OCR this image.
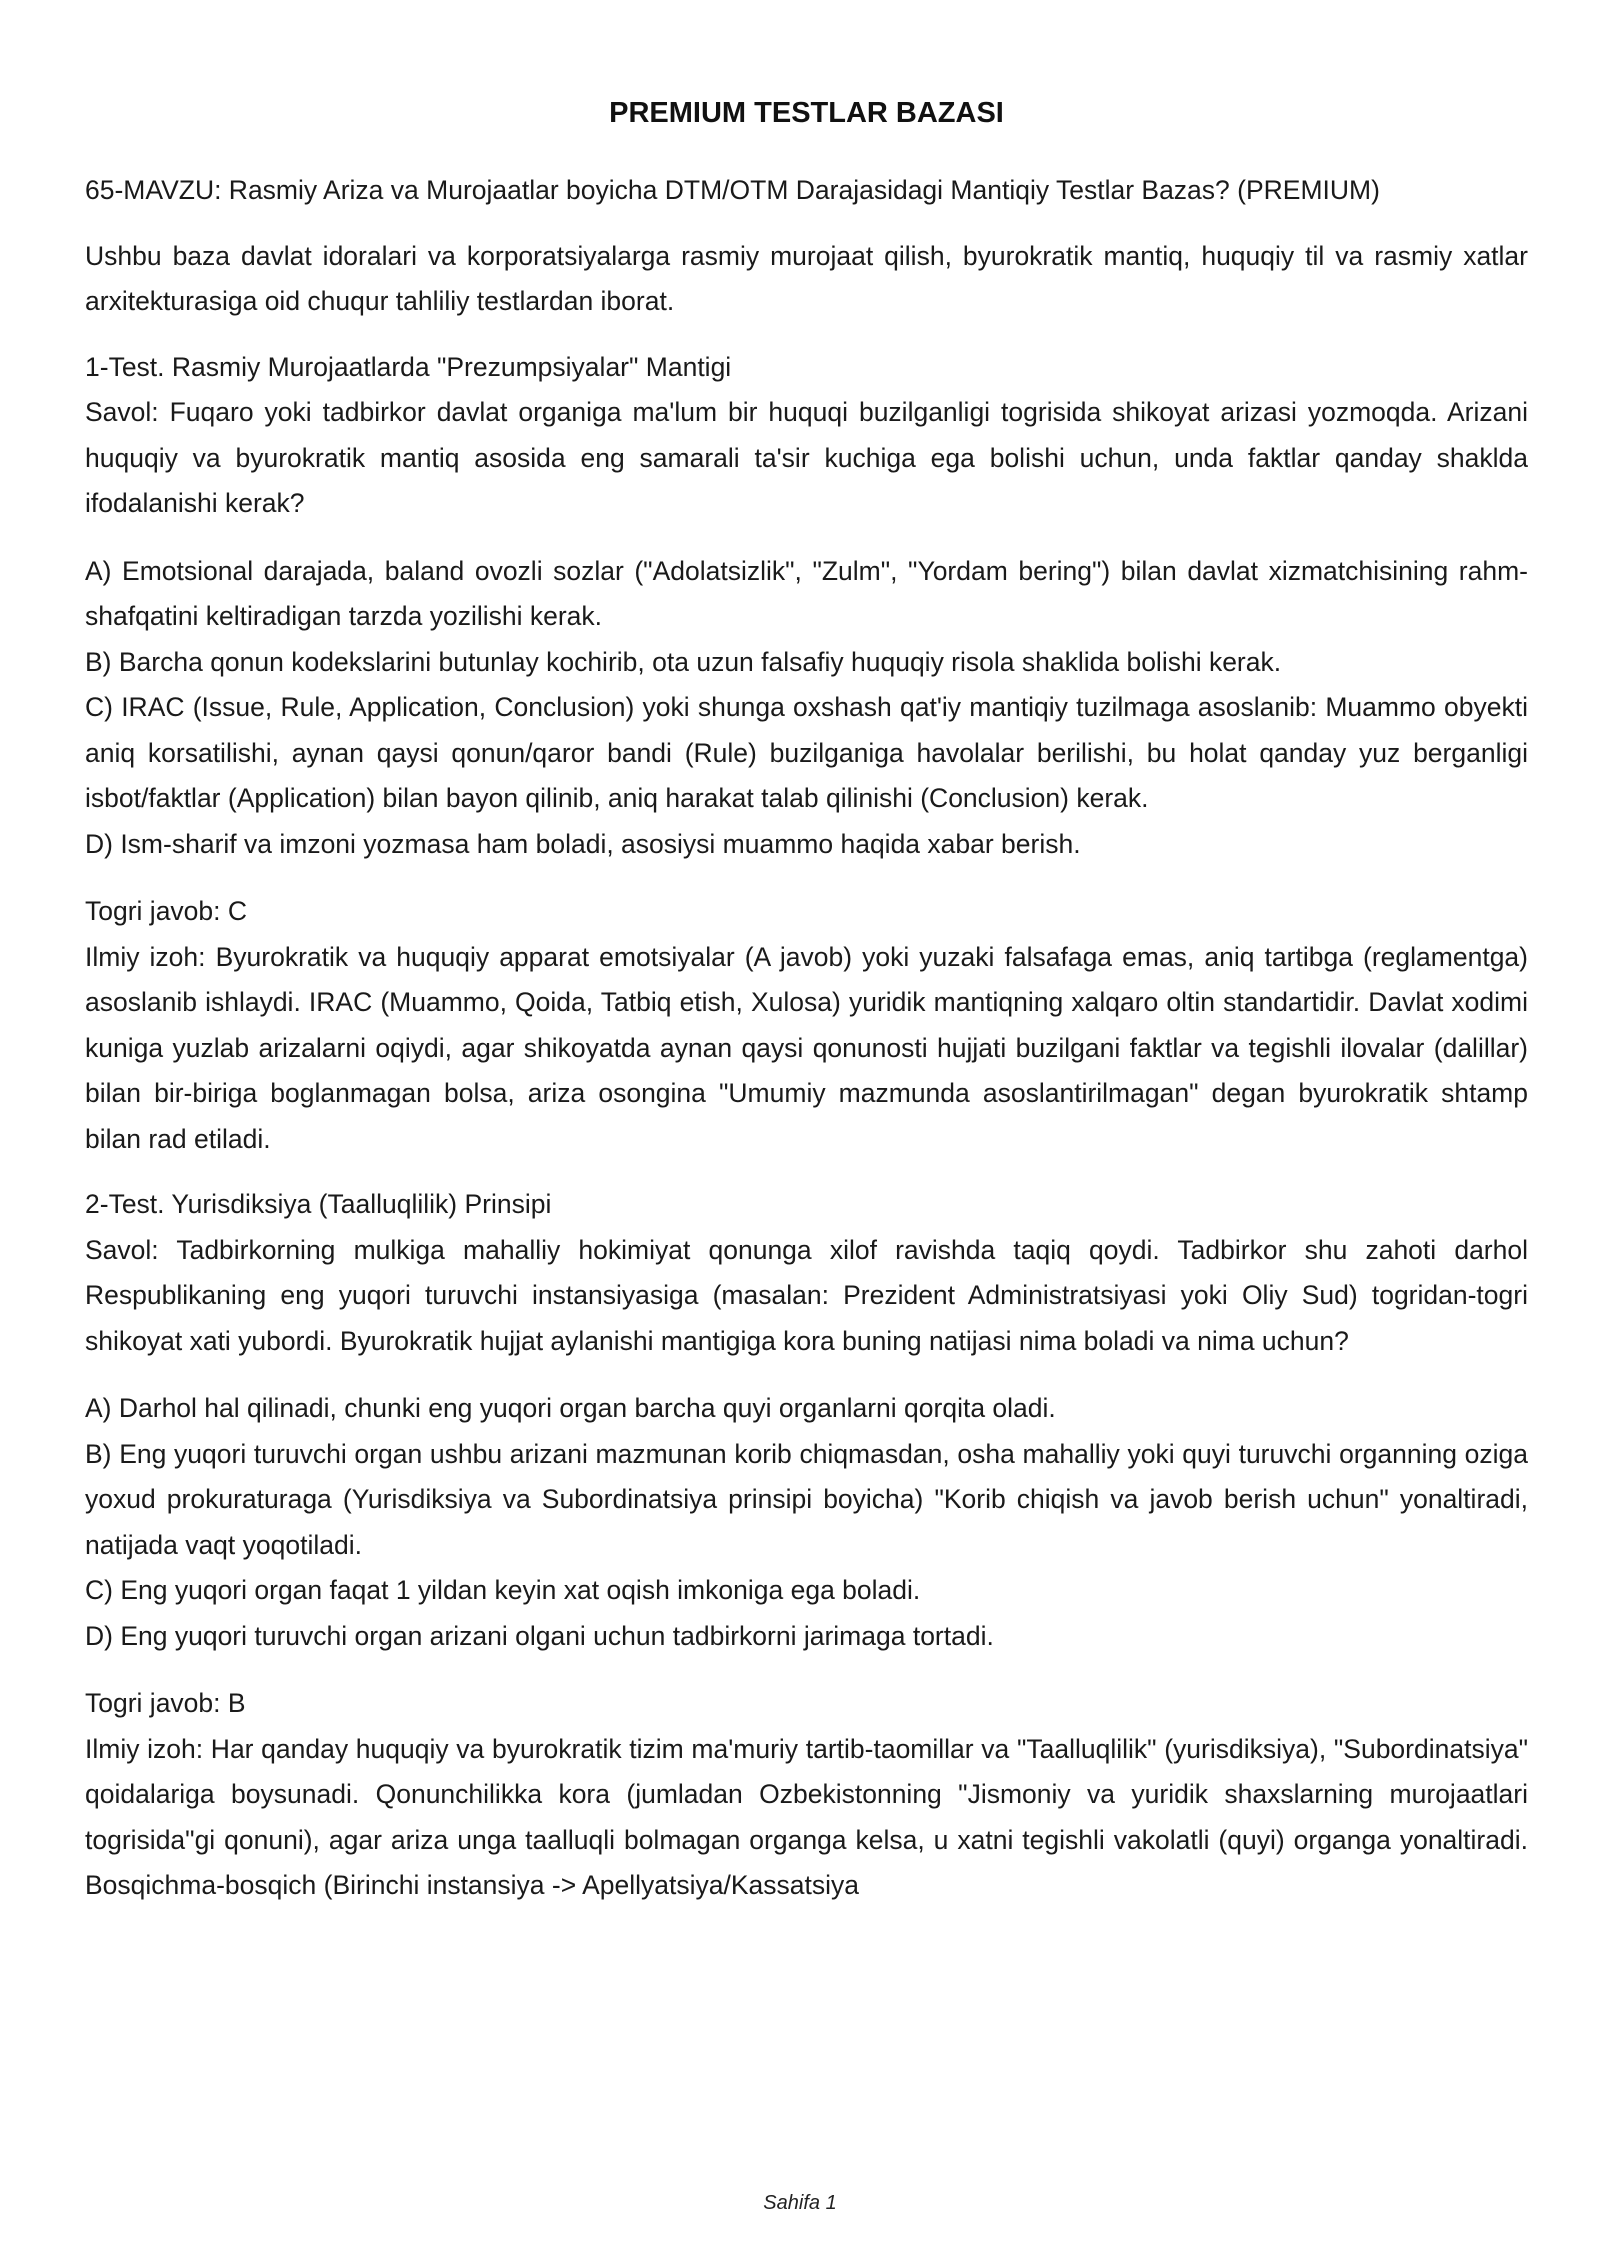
PREMIUM TESTLAR BAZASI

65-MAVZU: Rasmiy Ariza va Murojaatlar boyicha DTM/OTM Darajasidagi Mantiqiy Testlar Bazas? (PREMIUM)

Ushbu baza davlat idoralari va korporatsiyalarga rasmiy murojaat qilish, byurokratik mantiq, huquqiy til va rasmiy xatlar arxitekturasiga oid chuqur tahliliy testlardan iborat.

1-Test. Rasmiy Murojaatlarda "Prezumpsiyalar" Mantigi

Savol: Fuqaro yoki tadbirkor davlat organiga ma'lum bir huquqi buzilganligi togrisida shikoyat arizasi yozmoqda. Arizani huquqiy va byurokratik mantiq asosida eng samarali ta'sir kuchiga ega bolishi uchun, unda faktlar qanday shaklda ifodalanishi kerak?

A) Emotsional darajada, baland ovozli sozlar ("Adolatsizlik", "Zulm", "Yordam bering") bilan davlat xizmatchisining rahm-shafqatini keltiradigan tarzda yozilishi kerak.

B) Barcha qonun kodekslarini butunlay kochirib, ota uzun falsafiy huquqiy risola shaklida bolishi kerak.

C) IRAC (Issue, Rule, Application, Conclusion) yoki shunga oxshash qat'iy mantiqiy tuzilmaga asoslanib: Muammo obyekti aniq korsatilishi, aynan qaysi qonun/qaror bandi (Rule) buzilganiga havolalar berilishi, bu holat qanday yuz berganligi isbot/faktlar (Application) bilan bayon qilinib, aniq harakat talab qilinishi (Conclusion) kerak.

D) Ism-sharif va imzoni yozmasa ham boladi, asosiysi muammo haqida xabar berish.

Togri javob: C

Ilmiy izoh: Byurokratik va huquqiy apparat emotsiyalar (A javob) yoki yuzaki falsafaga emas, aniq tartibga (reglamentga) asoslanib ishlaydi. IRAC (Muammo, Qoida, Tatbiq etish, Xulosa) yuridik mantiqning xalqaro oltin standartidir. Davlat xodimi kuniga yuzlab arizalarni oqiydi, agar shikoyatda aynan qaysi qonunosti hujjati buzilgani faktlar va tegishli ilovalar (dalillar) bilan bir-biriga boglanmagan bolsa, ariza osongina "Umumiy mazmunda asoslantirilmagan" degan byurokratik shtamp bilan rad etiladi.

2-Test. Yurisdiksiya (Taalluqlilik) Prinsipi

Savol: Tadbirkorning mulkiga mahalliy hokimiyat qonunga xilof ravishda taqiq qoydi. Tadbirkor shu zahoti darhol Respublikaning eng yuqori turuvchi instansiyasiga (masalan: Prezident Administratsiyasi yoki Oliy Sud) togridan-togri shikoyat xati yubordi. Byurokratik hujjat aylanishi mantigiga kora buning natijasi nima boladi va nima uchun?

A) Darhol hal qilinadi, chunki eng yuqori organ barcha quyi organlarni qorqita oladi.

B) Eng yuqori turuvchi organ ushbu arizani mazmunan korib chiqmasdan, osha mahalliy yoki quyi turuvchi organning oziga yoxud prokuraturaga (Yurisdiksiya va Subordinatsiya prinsipi boyicha) "Korib chiqish va javob berish uchun" yonaltiradi, natijada vaqt yoqotiladi.

C) Eng yuqori organ faqat 1 yildan keyin xat oqish imkoniga ega boladi.

D) Eng yuqori turuvchi organ arizani olgani uchun tadbirkorni jarimaga tortadi.

Togri javob: B

Ilmiy izoh: Har qanday huquqiy va byurokratik tizim ma'muriy tartib-taomillar va "Taalluqlilik" (yurisdiksiya), "Subordinatsiya" qoidalariga boysunadi. Qonunchilikka kora (jumladan Ozbekistonning "Jismoniy va yuridik shaxslarning murojaatlari togrisida"gi qonuni), agar ariza unga taalluqli bolmagan organga kelsa, u xatni tegishli vakolatli (quyi) organga yonaltiradi. Bosqichma-bosqich (Birinchi instansiya -> Apellyatsiya/Kassatsiya

Sahifa 1
